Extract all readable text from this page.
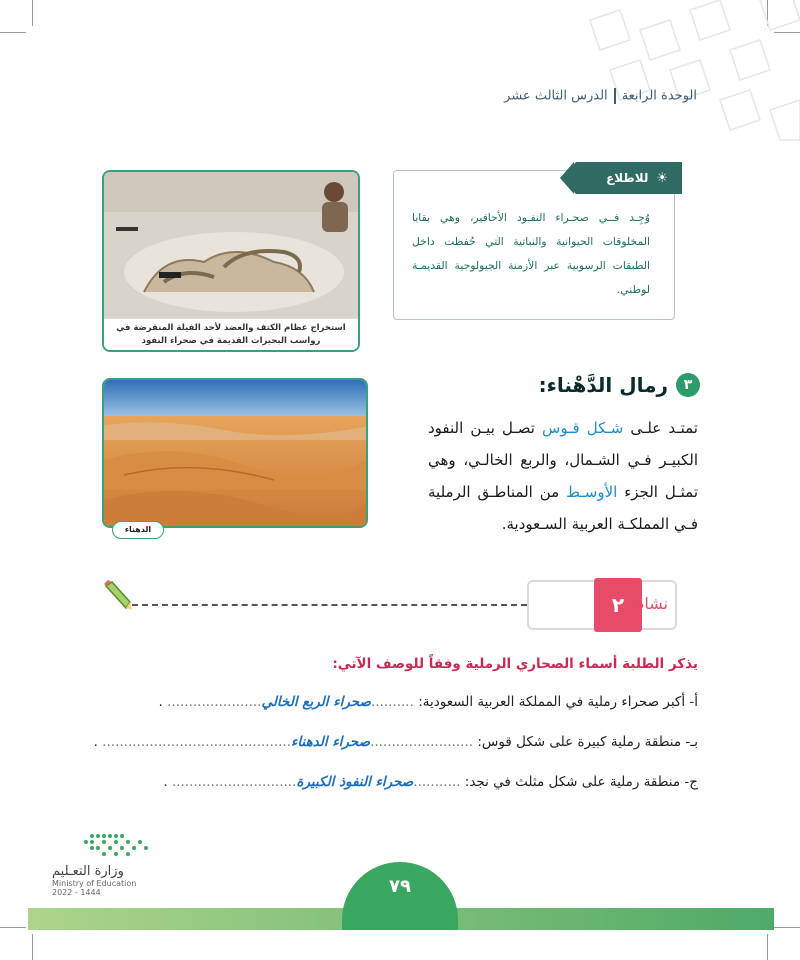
الوحدة الرابعةالدرس الثالث عشر
☀
للاطلاع
وُجِـد فــي صحـراء النفـود الأحافير، وهي بقايا المخلوقات الحيوانية والنباتية التي حُفظت داخل الطبقات الرسوبية عبر الأزمنة الجيولوجية القديمـة لوطني.
استخراج عظام الكتف والعضد لأحد الفيلة المنقرضة في رواسب البحيرات القديمة في صحراء النفود
٣
رمال الدَّهْناء:
تمتـد علـى شـكل قـوس تصـل بيـن النفود الكبيـر فـي الشـمال، والربع الخالـي، وهي تمثـل الجزء الأوسـط من المناطـق الرملية فـي المملكـة العربية السـعودية.
الدهناء
٢ نشاط
يذكر الطلبة أسماء الصحاري الرملية وفقاً للوصف الآتي:
أ- أكبر صحراء رملية في المملكة العربية السعودية: ..........صحراء الربع الخالي...................... .
بـ- منطقة رملية كبيرة على شكل قوس: ........................صحراء الدهناء............................................ .
ج- منطقة رملية على شكل مثلث في نجد: ...........صحراء النفوذ الكبيرة............................. .
وزارة التعـليم
Ministry of Education
2022 - 1444	٧٩
